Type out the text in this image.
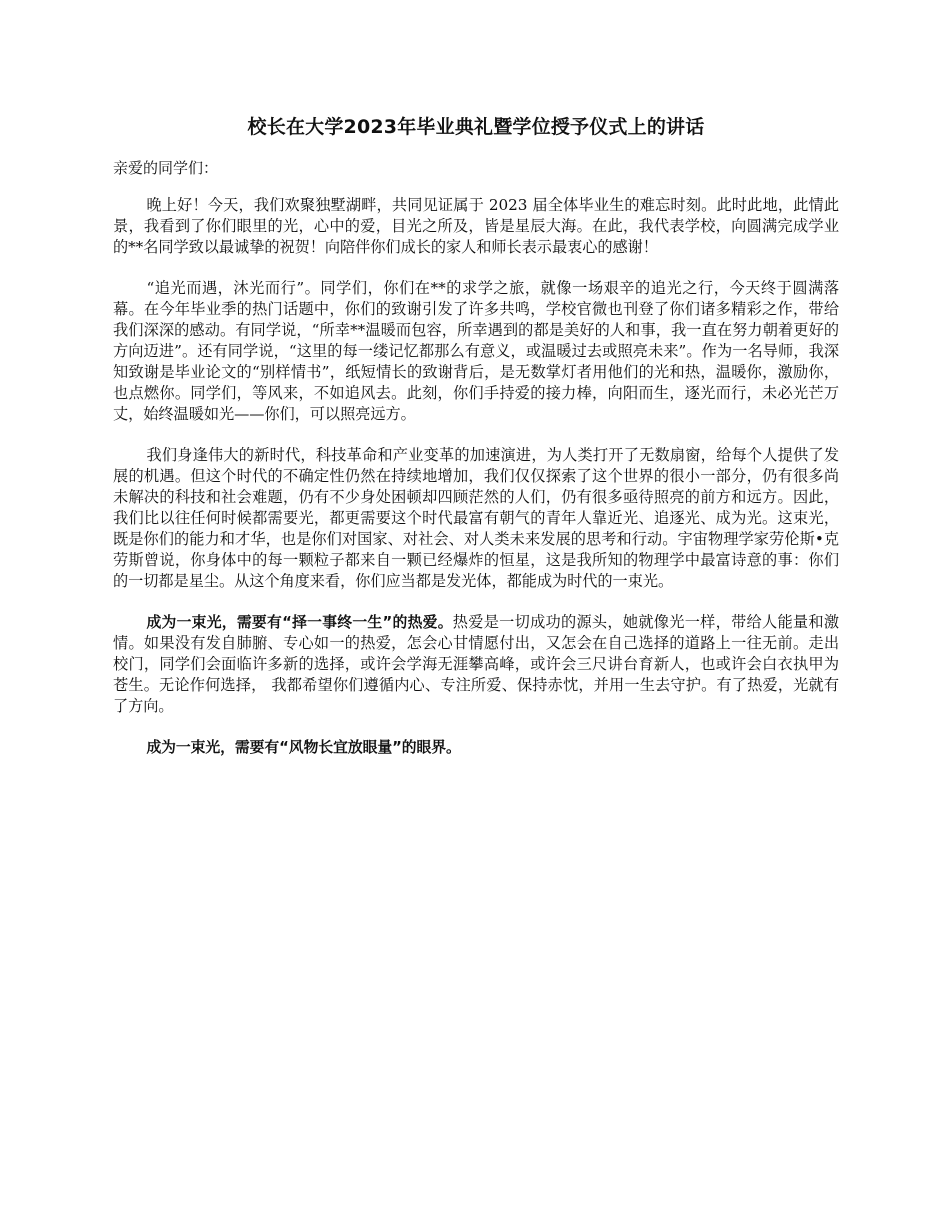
校长在大学2023年毕业典礼暨学位授予仪式上的讲话

亲爱的同学们：

晚上好！今天，我们欢聚独墅湖畔，共同见证属于 2023 届全体毕业生的难忘时刻。此时此地，此情此景，我看到了你们眼里的光，心中的爱，目光之所及，皆是星辰大海。在此，我代表学校，向圆满完成学业的**名同学致以最诚挚的祝贺！向陪伴你们成长的家人和师长表示最衷心的感谢！

“追光而遇，沐光而行”。同学们，你们在**的求学之旅，就像一场艰辛的追光之行，今天终于圆满落幕。在今年毕业季的热门话题中，你们的致谢引发了许多共鸣，学校官微也刊登了你们诸多精彩之作，带给我们深深的感动。有同学说，“所幸**温暖而包容，所幸遇到的都是美好的人和事，我一直在努力朝着更好的方向迈进”。还有同学说，“这里的每一缕记忆都那么有意义，或温暖过去或照亮未来”。作为一名导师，我深知致谢是毕业论文的“别样情书”，纸短情长的致谢背后，是无数掌灯者用他们的光和热，温暖你，激励你，也点燃你。同学们，等风来，不如追风去。此刻，你们手持爱的接力棒，向阳而生，逐光而行，未必光芒万丈，始终温暖如光——你们，可以照亮远方。

我们身逢伟大的新时代，科技革命和产业变革的加速演进，为人类打开了无数扇窗，给每个人提供了发展的机遇。但这个时代的不确定性仍然在持续地增加，我们仅仅探索了这个世界的很小一部分，仍有很多尚未解决的科技和社会难题，仍有不少身处困顿却四顾茫然的人们，仍有很多亟待照亮的前方和远方。因此，我们比以往任何时候都需要光，都更需要这个时代最富有朝气的青年人靠近光、追逐光、成为光。这束光，既是你们的能力和才华，也是你们对国家、对社会、对人类未来发展的思考和行动。宇宙物理学家劳伦斯•克劳斯曾说，你身体中的每一颗粒子都来自一颗已经爆炸的恒星，这是我所知的物理学中最富诗意的事：你们的一切都是星尘。从这个角度来看，你们应当都是发光体，都能成为时代的一束光。

成为一束光，需要有“择一事终一生”的热爱。热爱是一切成功的源头，她就像光一样，带给人能量和激情。如果没有发自肺腑、专心如一的热爱，怎会心甘情愿付出，又怎会在自己选择的道路上一往无前。走出校门，同学们会面临许多新的选择，或许会学海无涯攀高峰，或许会三尺讲台育新人，也或许会白衣执甲为苍生。无论作何选择， 我都希望你们遵循内心、专注所爱、保持赤忱，并用一生去守护。有了热爱，光就有了方向。

成为一束光，需要有“风物长宜放眼量”的眼界。
